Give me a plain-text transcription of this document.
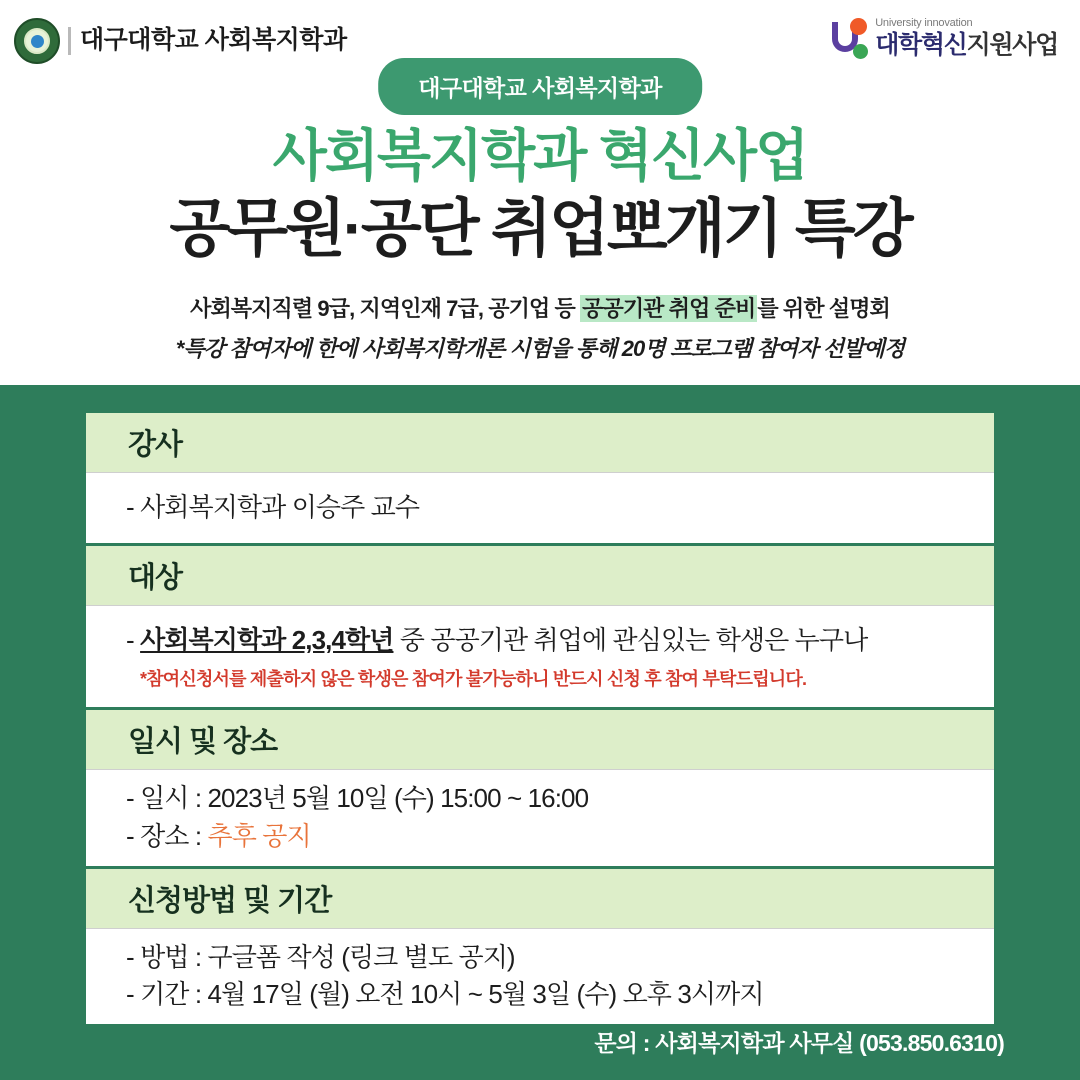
대구대학교 사회복지학과
University innovation
대학혁신지원사업
대구대학교 사회복지학과
사회복지학과 혁신사업
공무원·공단 취업뽀개기 특강
사회복지직렬 9급, 지역인재 7급, 공기업 등 공공기관 취업 준비를 위한 설명회
*특강 참여자에 한에 사회복지학개론 시험을 통해 20명 프로그램 참여자 선발예정
강사
- 사회복지학과 이승주 교수
대상
- 사회복지학과 2,3,4학년 중 공공기관 취업에 관심있는 학생은 누구나
*참여신청서를 제출하지 않은 학생은 참여가 불가능하니 반드시 신청 후 참여 부탁드립니다.
일시 및 장소
- 일시 : 2023년 5월 10일 (수) 15:00 ~ 16:00
- 장소 : 추후 공지
신청방법 및 기간
- 방법 : 구글폼 작성 (링크 별도 공지)
- 기간 : 4월 17일 (월) 오전 10시 ~ 5월 3일 (수) 오후 3시까지
문의 : 사회복지학과 사무실 (053.850.6310)
